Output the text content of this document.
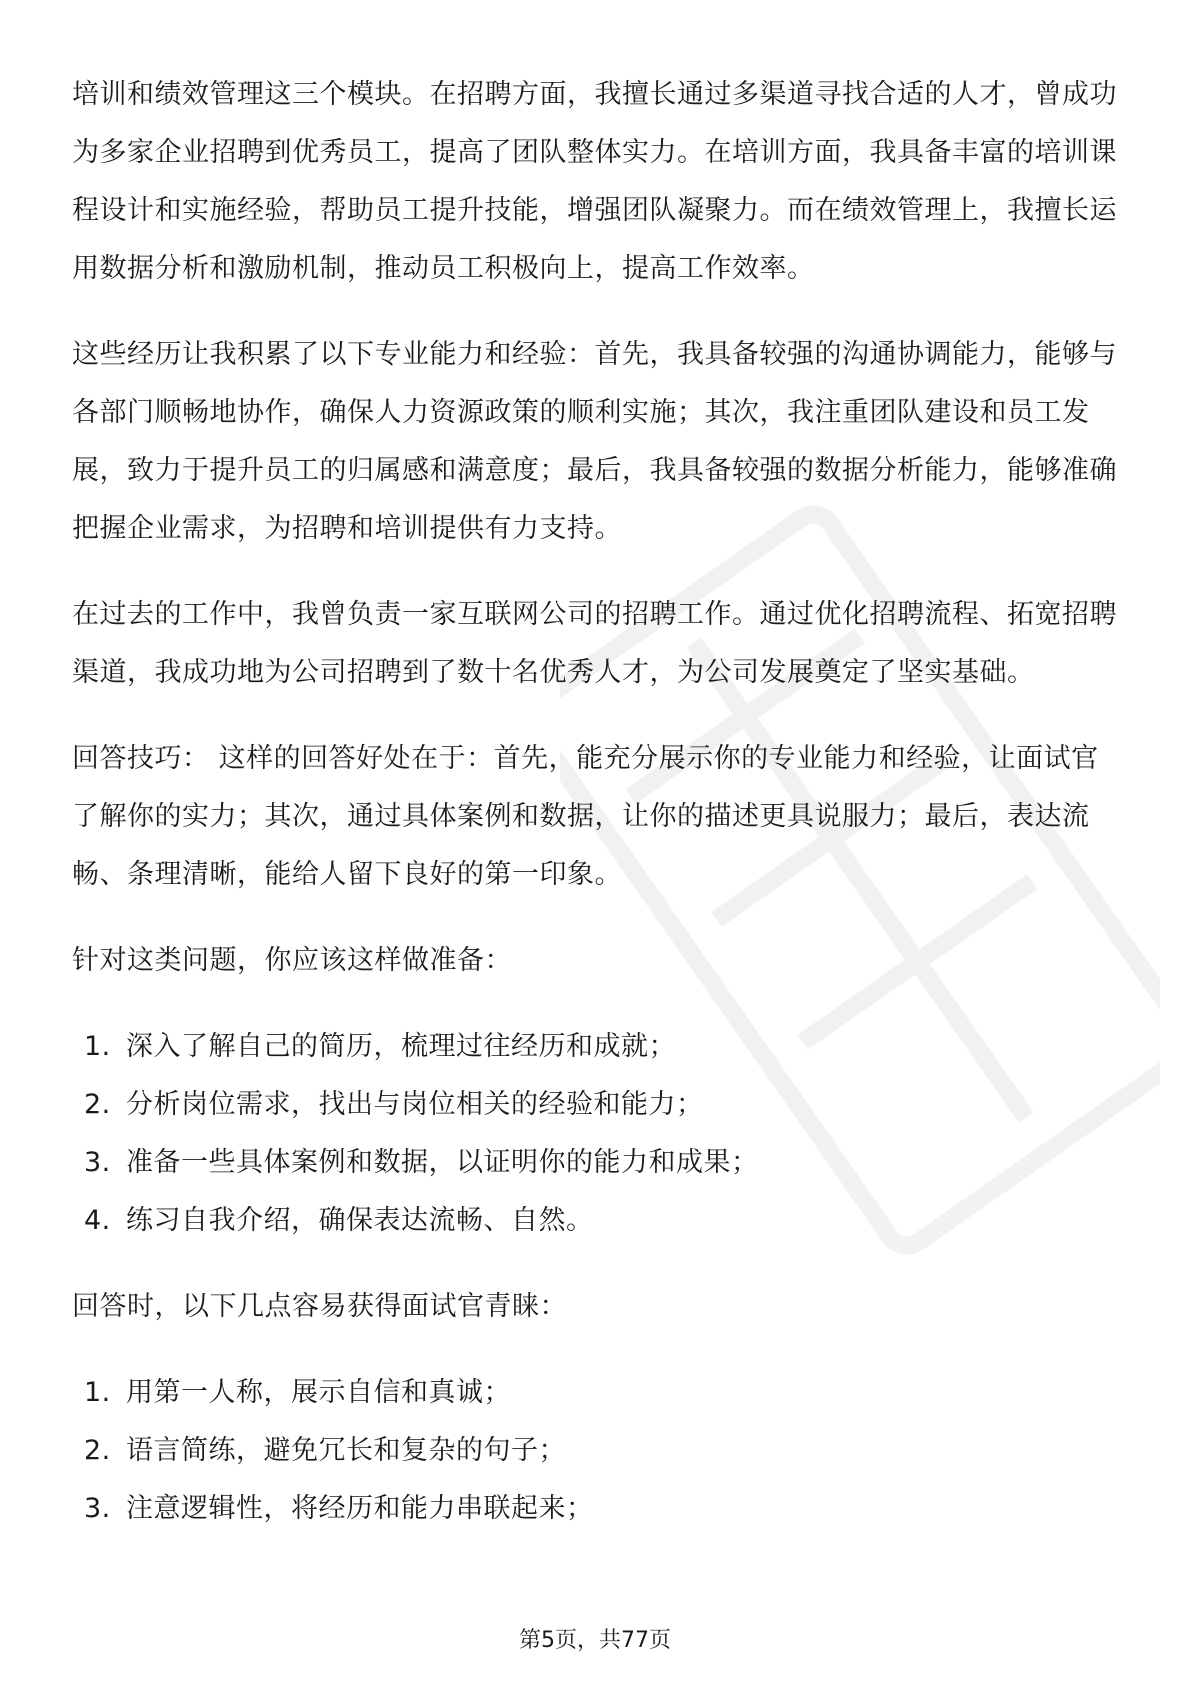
培训和绩效管理这三个模块。在招聘方面，我擅长通过多渠道寻找合适的人才，曾成功为多家企业招聘到优秀员工，提高了团队整体实力。在培训方面，我具备丰富的培训课程设计和实施经验，帮助员工提升技能，增强团队凝聚力。而在绩效管理上，我擅长运用数据分析和激励机制，推动员工积极向上，提高工作效率。

这些经历让我积累了以下专业能力和经验：首先，我具备较强的沟通协调能力，能够与各部门顺畅地协作，确保人力资源政策的顺利实施；其次，我注重团队建设和员工发展，致力于提升员工的归属感和满意度；最后，我具备较强的数据分析能力，能够准确把握企业需求，为招聘和培训提供有力支持。

在过去的工作中，我曾负责一家互联网公司的招聘工作。通过优化招聘流程、拓宽招聘渠道，我成功地为公司招聘到了数十名优秀人才，为公司发展奠定了坚实基础。

回答技巧： 这样的回答好处在于：首先，能充分展示你的专业能力和经验，让面试官了解你的实力；其次，通过具体案例和数据，让你的描述更具说服力；最后，表达流畅、条理清晰，能给人留下良好的第一印象。

针对这类问题，你应该这样做准备：

1. 深入了解自己的简历，梳理过往经历和成就；
2. 分析岗位需求，找出与岗位相关的经验和能力；
3. 准备一些具体案例和数据，以证明你的能力和成果；
4. 练习自我介绍，确保表达流畅、自然。

回答时，以下几点容易获得面试官青睐：

1. 用第一人称，展示自信和真诚；
2. 语言简练，避免冗长和复杂的句子；
3. 注意逻辑性，将经历和能力串联起来；
第5页，共77页
